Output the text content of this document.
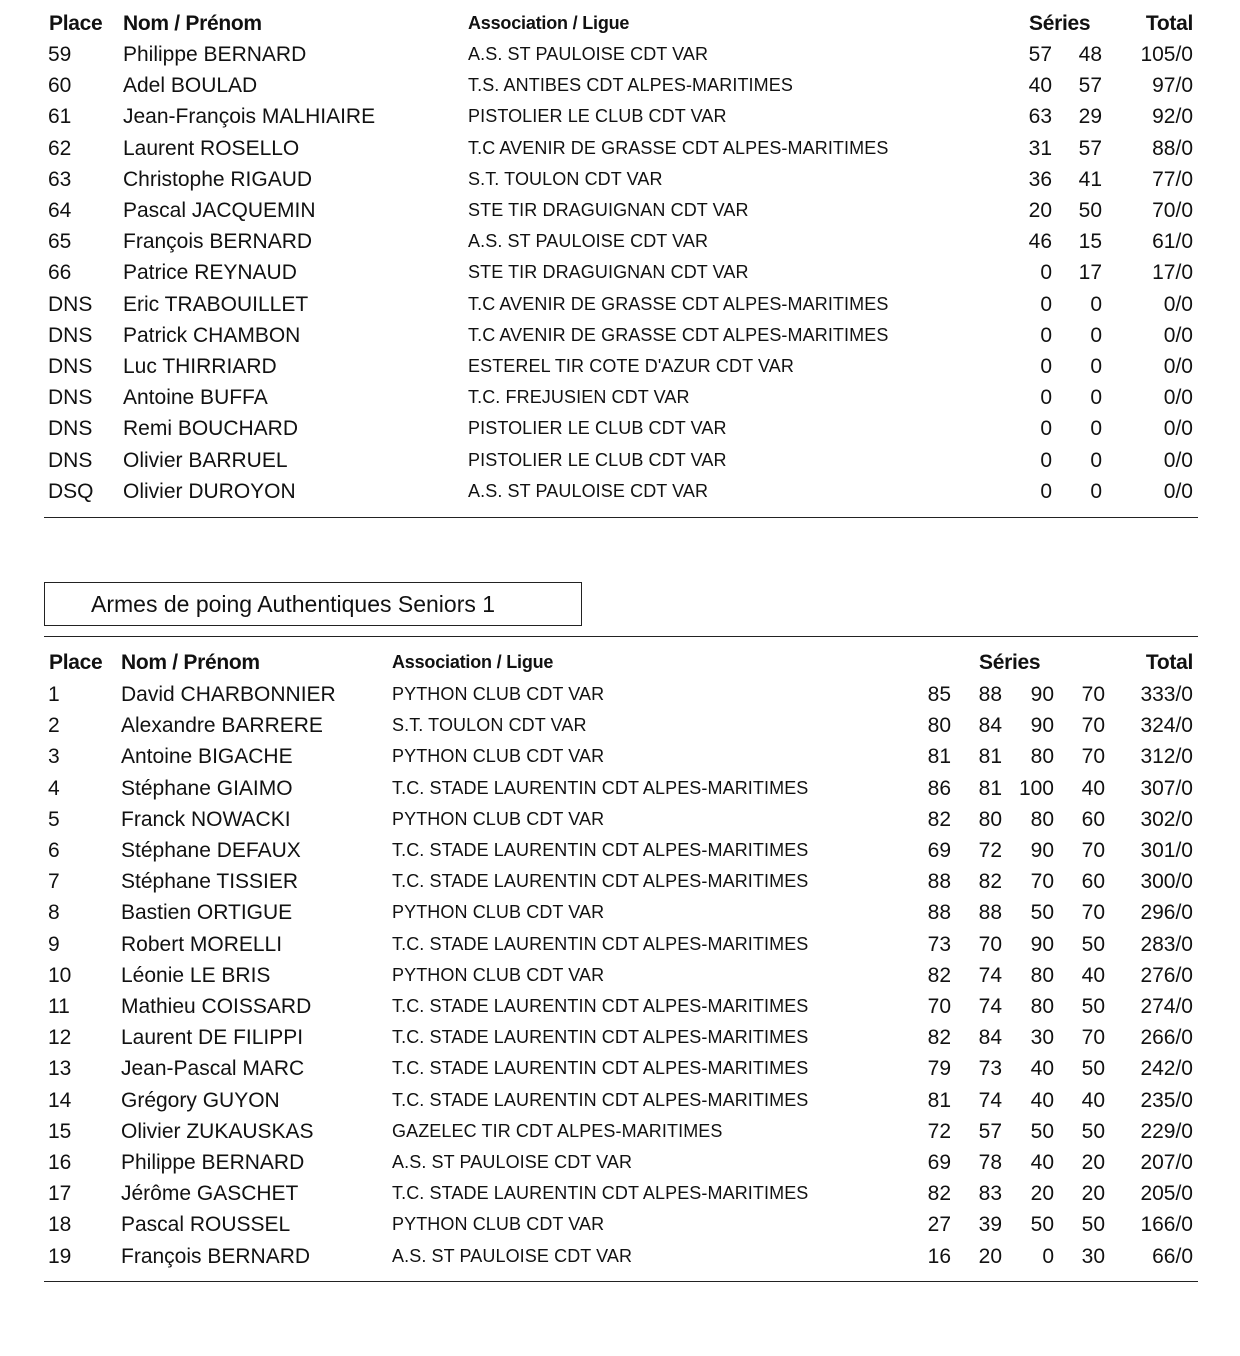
Place Nom / Prénom	Association / Ligue	Séries	Total
59 Philippe BERNARD	A.S. ST PAULOISE CDT VAR	57 48 105/0
60 Adel BOULAD	T.S. ANTIBES CDT ALPES-MARITIMES	40 57 97/0
61 Jean-François MALHIAIRE	PISTOLIER LE CLUB CDT VAR	63 29 92/0
62 Laurent ROSELLO	T.C AVENIR DE GRASSE CDT ALPES-MARITIMES	31 57 88/0
63 Christophe RIGAUD	S.T. TOULON CDT VAR	36 41 77/0
64 Pascal JACQUEMIN	STE TIR DRAGUIGNAN CDT VAR	20 50 70/0
65 François BERNARD	A.S. ST PAULOISE CDT VAR	46 15 61/0
66 Patrice REYNAUD	STE TIR DRAGUIGNAN CDT VAR	0 17 17/0
DNS Eric TRABOUILLET	T.C AVENIR DE GRASSE CDT ALPES-MARITIMES	0 0	0/0
DNS Patrick CHAMBON	T.C AVENIR DE GRASSE CDT ALPES-MARITIMES	0 0	0/0
DNS Luc THIRRIARD	ESTEREL TIR COTE D'AZUR CDT VAR	0 0	0/0
DNS Antoine BUFFA	T.C. FREJUSIEN CDT VAR	0 0	0/0
DNS Remi BOUCHARD	PISTOLIER LE CLUB CDT VAR	0 0	0/0
DNS Olivier BARRUEL	PISTOLIER LE CLUB CDT VAR	0 0	0/0
DSQ Olivier DUROYON	A.S. ST PAULOISE CDT VAR	0 0	0/0
Armes de poing Authentiques Seniors 1
Place Nom / Prénom	Association / Ligue	Séries	Total
1	David CHARBONNIER	PYTHON CLUB CDT VAR	85 88 90 70 333/0
2	Alexandre BARRERE	S.T. TOULON CDT VAR	80 84 90 70 324/0
3	Antoine BIGACHE	PYTHON CLUB CDT VAR	81 81 80 70 312/0
4	Stéphane GIAIMO	T.C. STADE LAURENTIN CDT ALPES-MARITIMES	86 81 100 40 307/0
5	Franck NOWACKI	PYTHON CLUB CDT VAR	82 80 80 60 302/0
6	Stéphane DEFAUX	T.C. STADE LAURENTIN CDT ALPES-MARITIMES	69 72 90 70 301/0
7	Stéphane TISSIER	T.C. STADE LAURENTIN CDT ALPES-MARITIMES	88 82 70 60 300/0
8	Bastien ORTIGUE	PYTHON CLUB CDT VAR	88 88 50 70 296/0
9	Robert MORELLI	T.C. STADE LAURENTIN CDT ALPES-MARITIMES	73 70 90 50 283/0
10 Léonie LE BRIS	PYTHON CLUB CDT VAR	82 74 80 40 276/0
11 Mathieu COISSARD	T.C. STADE LAURENTIN CDT ALPES-MARITIMES	70 74 80 50 274/0
12 Laurent DE FILIPPI	T.C. STADE LAURENTIN CDT ALPES-MARITIMES	82 84 30 70 266/0
13 Jean-Pascal MARC	T.C. STADE LAURENTIN CDT ALPES-MARITIMES	79 73 40 50 242/0
14 Grégory GUYON	T.C. STADE LAURENTIN CDT ALPES-MARITIMES	81 74 40 40 235/0
15 Olivier ZUKAUSKAS	GAZELEC TIR CDT ALPES-MARITIMES	72 57 50 50 229/0
16 Philippe BERNARD	A.S. ST PAULOISE CDT VAR	69 78 40 20 207/0
17 Jérôme GASCHET	T.C. STADE LAURENTIN CDT ALPES-MARITIMES	82 83 20 20 205/0
18 Pascal ROUSSEL	PYTHON CLUB CDT VAR	27 39 50 50 166/0
19 François BERNARD	A.S. ST PAULOISE CDT VAR	16 20 0 30 66/0
